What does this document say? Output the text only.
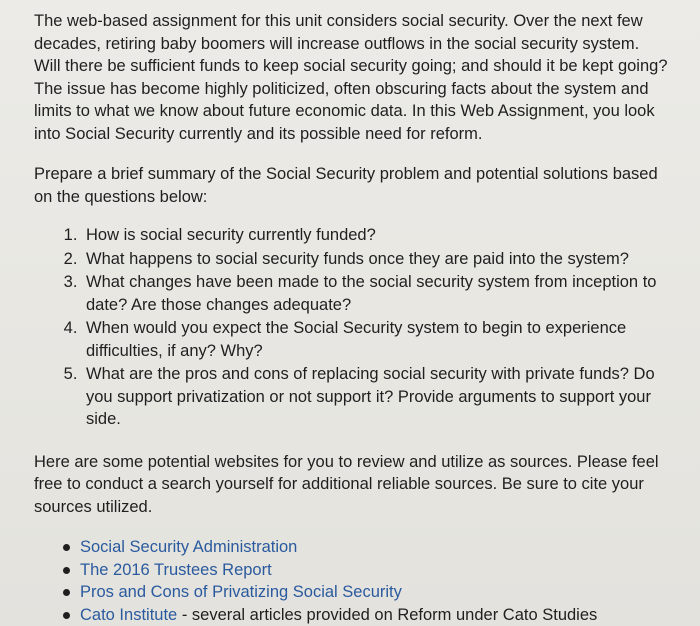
The web-based assignment for this unit considers social security. Over the next few decades, retiring baby boomers will increase outflows in the social security system. Will there be sufficient funds to keep social security going; and should it be kept going? The issue has become highly politicized, often obscuring facts about the system and limits to what we know about future economic data. In this Web Assignment, you look into Social Security currently and its possible need for reform.

Prepare a brief summary of the Social Security problem and potential solutions based on the questions below:

1. How is social security currently funded?
2. What happens to social security funds once they are paid into the system?
3. What changes have been made to the social security system from inception to date? Are those changes adequate?
4. When would you expect the Social Security system to begin to experience difficulties, if any? Why?
5. What are the pros and cons of replacing social security with private funds? Do you support privatization or not support it? Provide arguments to support your side.

Here are some potential websites for you to review and utilize as sources. Please feel free to conduct a search yourself for additional reliable sources. Be sure to cite your sources utilized.

Social Security Administration
The 2016 Trustees Report
Pros and Cons of Privatizing Social Security
Cato Institute - several articles provided on Reform under Cato Studies
